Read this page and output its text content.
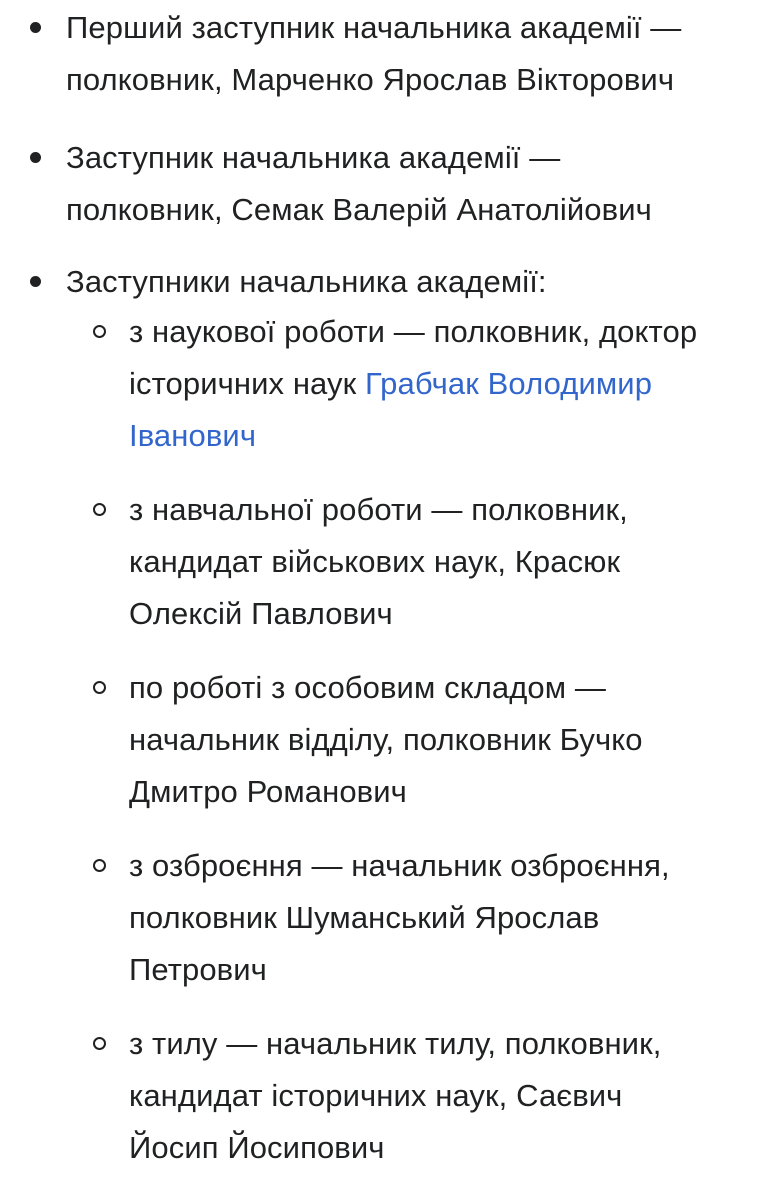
Перший заступник начальника академії —
полковник, Марченко Ярослав Вікторович
Заступник начальника академії —
полковник, Семак Валерій Анатолійович
Заступники начальника академії:
з наукової роботи — полковник, доктор
історичних наук Грабчак Володимир
Іванович
з навчальної роботи — полковник,
кандидат військових наук, Красюк
Олексій Павлович
по роботі з особовим складом —
начальник відділу, полковник Бучко
Дмитро Романович
з озброєння — начальник озброєння,
полковник Шуманський Ярослав
Петрович
з тилу — начальник тилу, полковник,
кандидат історичних наук, Саєвич
Йосип Йосипович
